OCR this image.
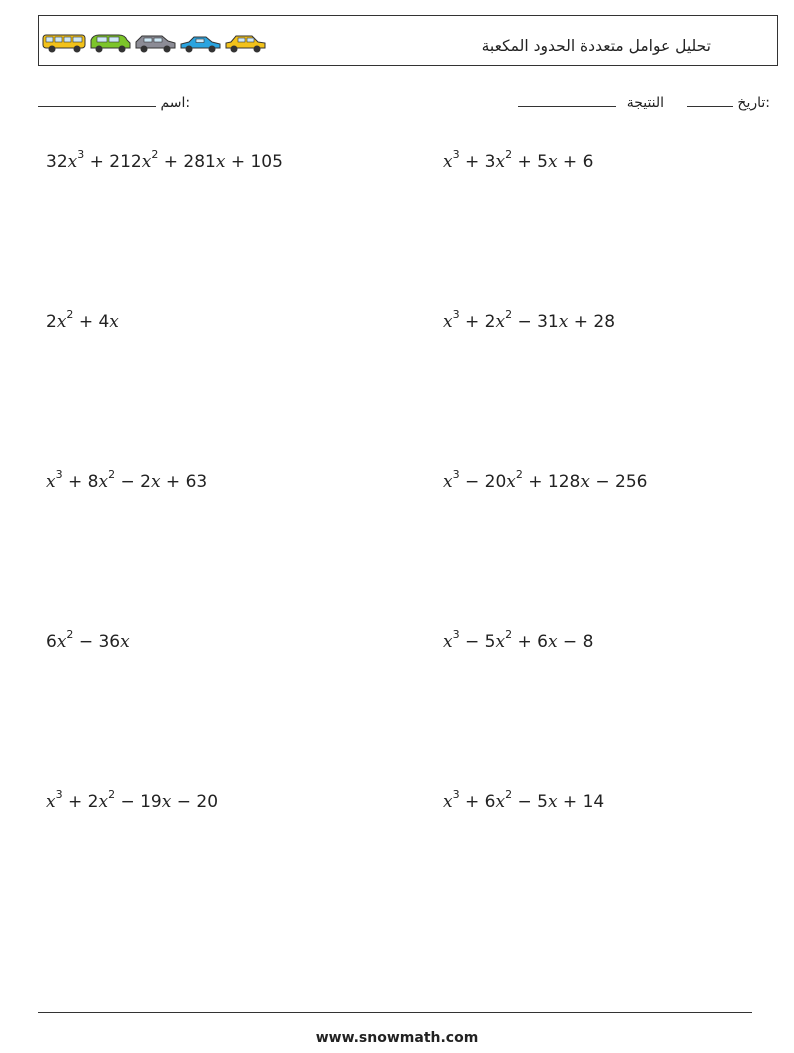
تحليل عوامل متعددة الحدود المكعبة
:تاريخ   النتيجة
:اسم
$32x^3 + 212x^2 + 281x + 105$	$x^3 + 3x^2 + 5x + 6$
$2x^2 + 4x$	$x^3 + 2x^2 - 31x + 28$
$x^3 + 8x^2 - 2x + 63$	$x^3 - 20x^2 + 128x - 256$
$6x^2 - 36x$	$x^3 - 5x^2 + 6x - 8$
$x^3 + 2x^2 - 19x - 20$	$x^3 + 6x^2 - 5x + 14$
www.snowmath.com
